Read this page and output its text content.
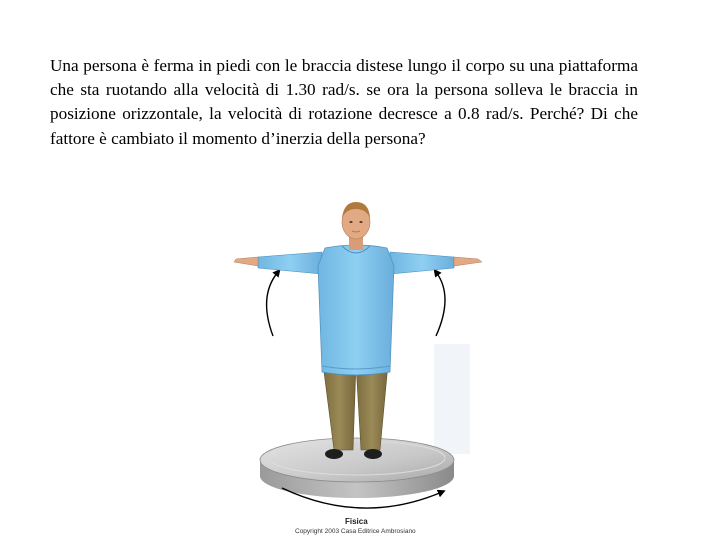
Una persona è ferma in piedi con le braccia distese lungo il corpo su una piattaforma che sta ruotando alla velocità di 1.30 rad/s. se ora la persona solleva le braccia in posizione orizzontale, la velocità di rotazione decresce a 0.8 rad/s. Perché? Di che fattore è cambiato il momento d’inerzia della persona?

Fisica
Copyright 2003 Casa Editrice Ambrosiano
